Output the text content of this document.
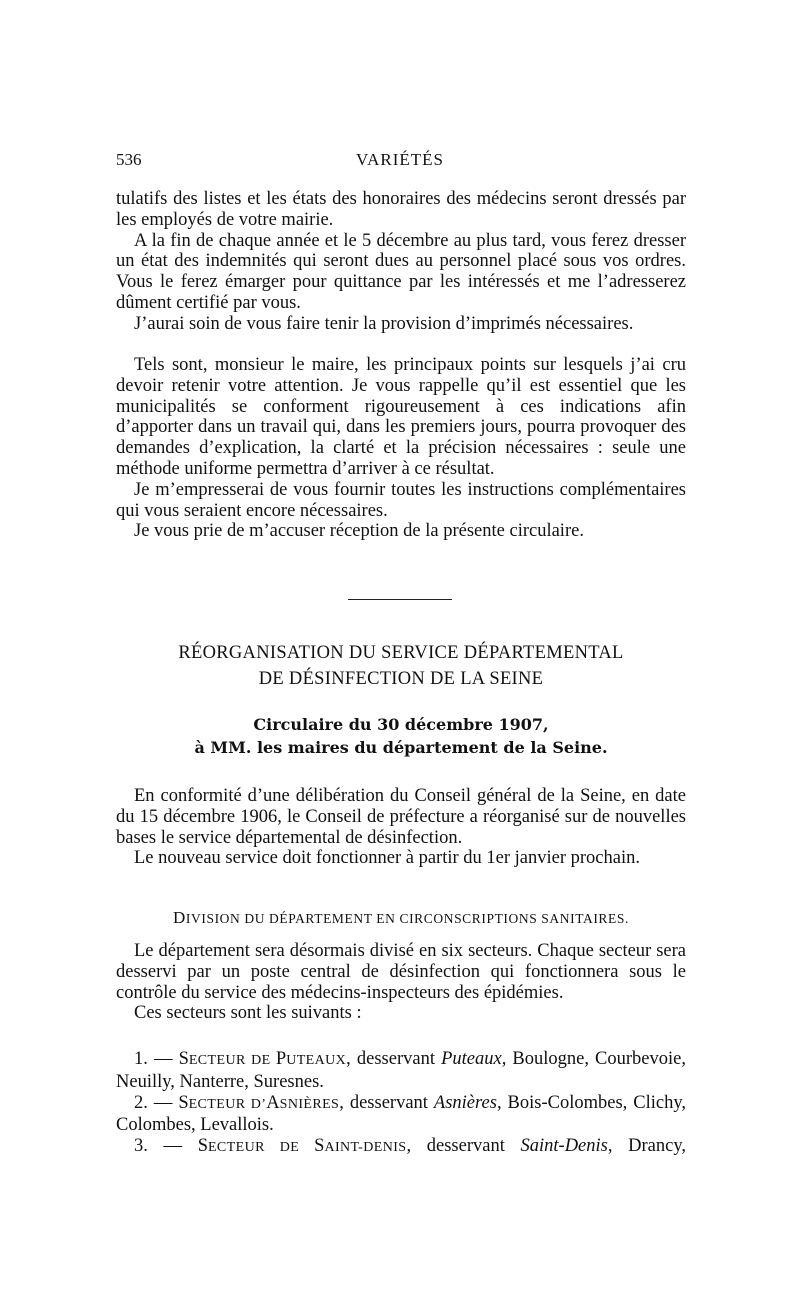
536	VARIÉTÉS

tulatifs des listes et les états des honoraires des médecins seront dressés par les employés de votre mairie.

A la fin de chaque année et le 5 décembre au plus tard, vous ferez dresser un état des indemnités qui seront dues au personnel placé sous vos ordres. Vous le ferez émarger pour quittance par les intéressés et me l’adresserez dûment certifié par vous.

J’aurai soin de vous faire tenir la provision d’imprimés nécessaires.

Tels sont, monsieur le maire, les principaux points sur lesquels j’ai cru devoir retenir votre attention. Je vous rappelle qu’il est essentiel que les municipalités se conforment rigoureusement à ces indications afin d’apporter dans un travail qui, dans les premiers jours, pourra provoquer des demandes d’explication, la clarté et la précision nécessaires : seule une méthode uniforme permettra d’arriver à ce résultat.

Je m’empresserai de vous fournir toutes les instructions complémentaires qui vous seraient encore nécessaires.

Je vous prie de m’accuser réception de la présente circulaire.

RÉORGANISATION DU SERVICE DÉPARTEMENTAL
DE DÉSINFECTION DE LA SEINE
Circulaire du 30 décembre 1907,
à MM. les maires du département de la Seine.

En conformité d’une délibération du Conseil général de la Seine, en date du 15 décembre 1906, le Conseil de préfecture a réorganisé sur de nouvelles bases le service départemental de désinfection.

Le nouveau service doit fonctionner à partir du 1er janvier prochain.

DIVISION DU DÉPARTEMENT EN CIRCONSCRIPTIONS SANITAIRES.

Le département sera désormais divisé en six secteurs. Chaque secteur sera desservi par un poste central de désinfection qui fonctionnera sous le contrôle du service des médecins-inspecteurs des épidémies.

Ces secteurs sont les suivants :

1. — SECTEUR DE PUTEAUX, desservant Puteaux, Boulogne, Courbevoie, Neuilly, Nanterre, Suresnes.

2. — SECTEUR D’ASNIÈRES, desservant Asnières, Bois-Colombes, Clichy, Colombes, Levallois.

3. — SECTEUR DE SAINT-DENIS, desservant Saint-Denis, Drancy,
